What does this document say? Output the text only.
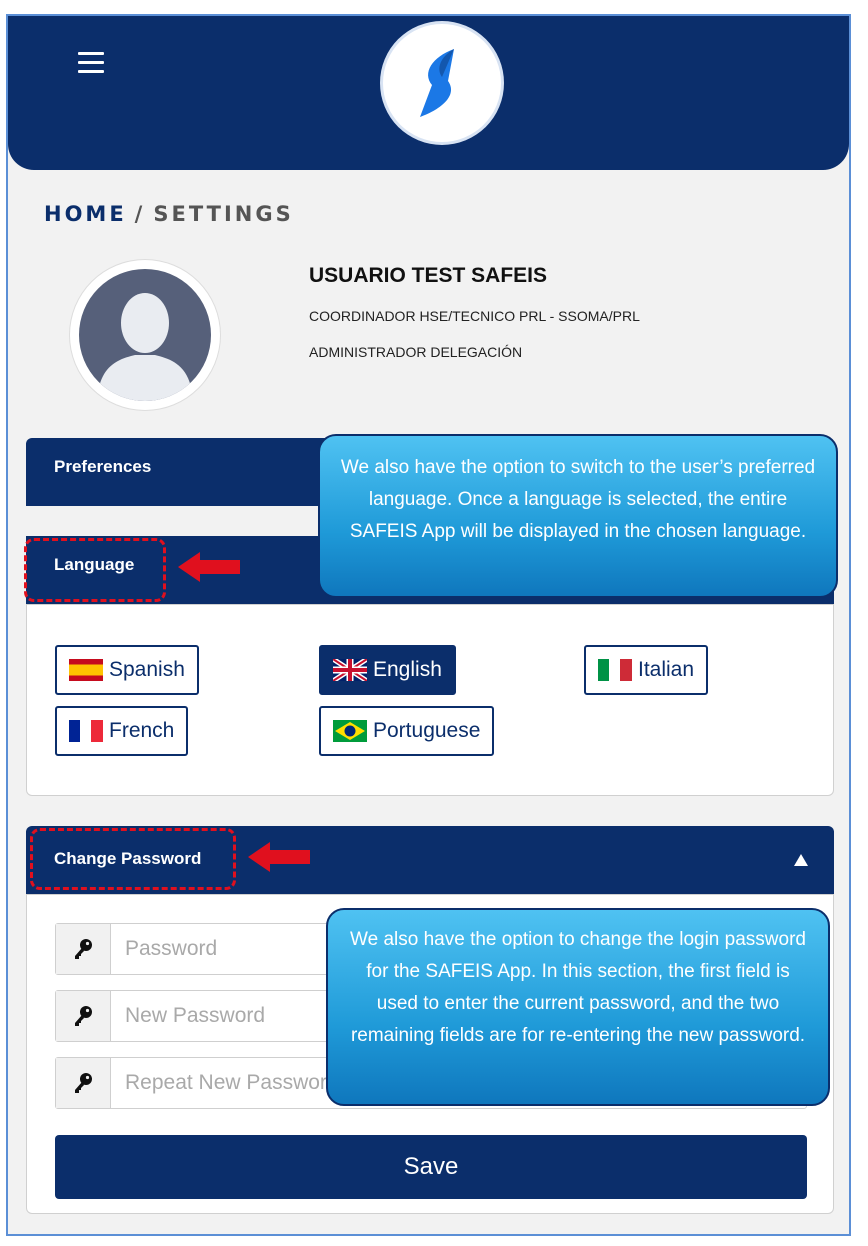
HOME / SETTINGS
USUARIO TEST SAFEIS
COORDINADOR HSE/TECNICO PRL - SSOMA/PRL
ADMINISTRADOR DELEGACIÓN
Preferences
Language
Spanish	English	Italian
French	Portuguese
Change Password
Save
We also have the option to switch to the user’s preferred language. Once a language is selected, the entire SAFEIS App will be displayed in the chosen language.
We also have the option to change the login password for the SAFEIS App. In this section, the first field is used to enter the current password, and the two remaining fields are for re-entering the new password.
